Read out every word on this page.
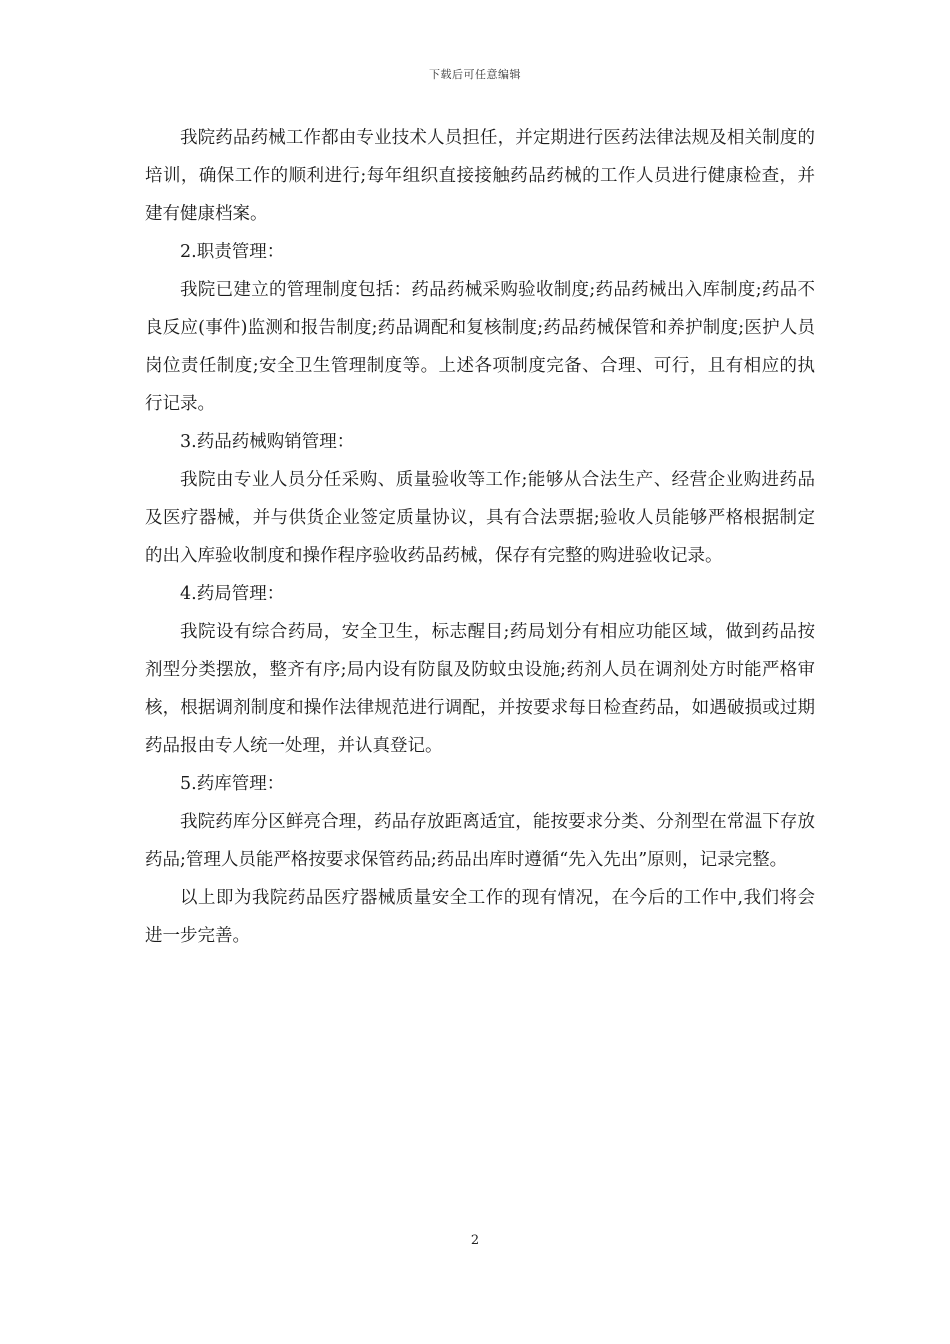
下载后可任意编辑

我院药品药械工作都由专业技术人员担任，并定期进行医药法律法规及相关制度的培训，确保工作的顺利进行;每年组织直接接触药品药械的工作人员进行健康检查，并建有健康档案。

2.职责管理：

我院已建立的管理制度包括：药品药械采购验收制度;药品药械出入库制度;药品不良反应(事件)监测和报告制度;药品调配和复核制度;药品药械保管和养护制度;医护人员岗位责任制度;安全卫生管理制度等。上述各项制度完备、合理、可行，且有相应的执行记录。

3.药品药械购销管理：

我院由专业人员分任采购、质量验收等工作;能够从合法生产、经营企业购进药品及医疗器械，并与供货企业签定质量协议，具有合法票据;验收人员能够严格根据制定的出入库验收制度和操作程序验收药品药械，保存有完整的购进验收记录。

4.药局管理：

我院设有综合药局，安全卫生，标志醒目;药局划分有相应功能区域，做到药品按剂型分类摆放，整齐有序;局内设有防鼠及防蚊虫设施;药剂人员在调剂处方时能严格审核，根据调剂制度和操作法律规范进行调配，并按要求每日检查药品，如遇破损或过期药品报由专人统一处理，并认真登记。

5.药库管理：

我院药库分区鲜亮合理，药品存放距离适宜，能按要求分类、分剂型在常温下存放药品;管理人员能严格按要求保管药品;药品出库时遵循“先入先出”原则，记录完整。

以上即为我院药品医疗器械质量安全工作的现有情况，在今后的工作中,我们将会进一步完善。

2
